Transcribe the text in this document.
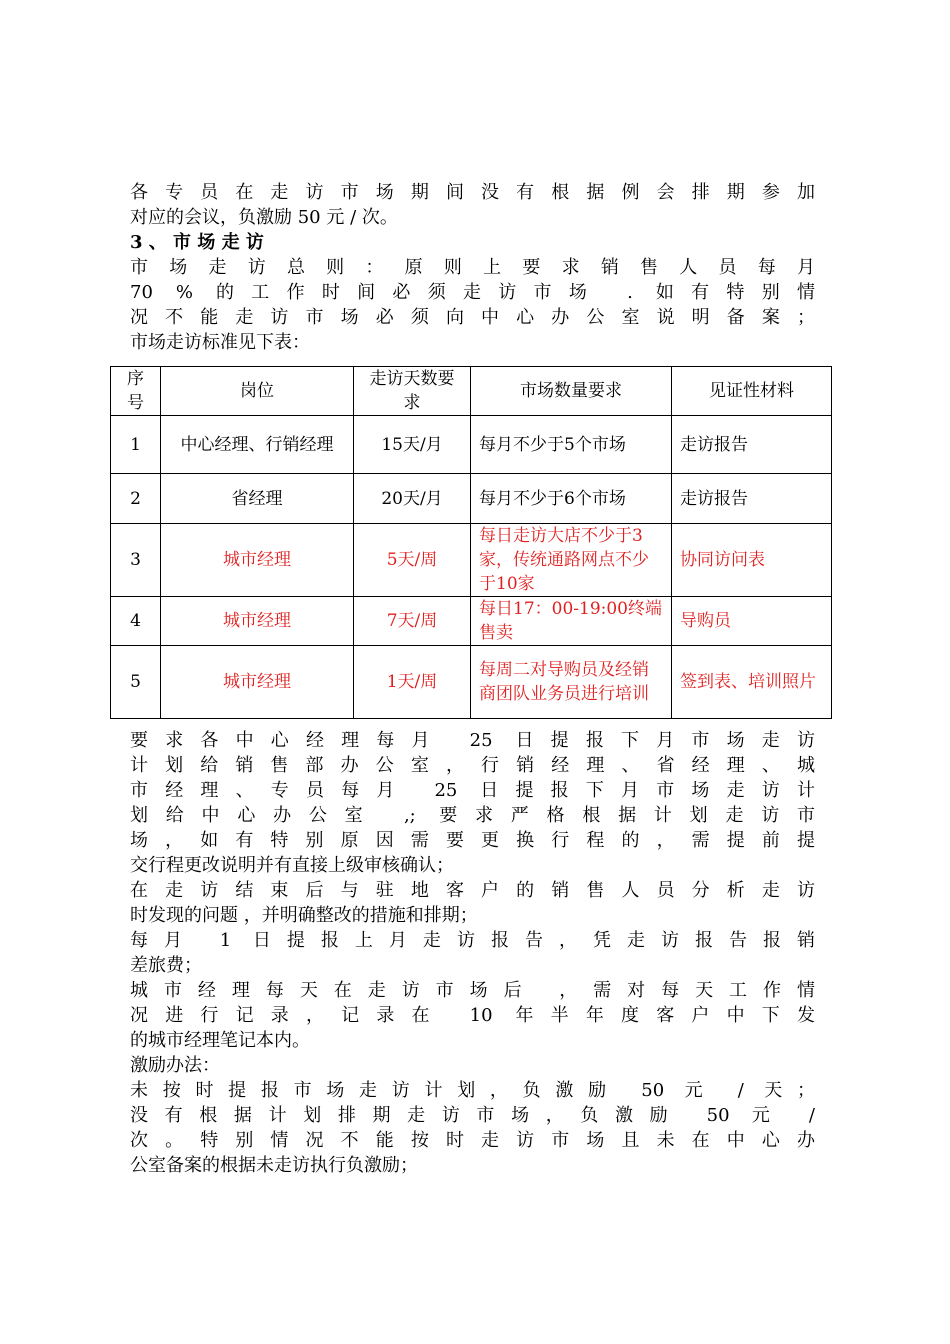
各专员在走访市场期间没有根据例会排期参加
对应的会议，负激励 50 元 / 次。
3 、 市 场 走 访
市场走访总则：原则上要求销售人员每月
70 % 的工作时间必须走访市场 . 如有特别情
况不能走访市场必须向中心办公室说明备案；
市场走访标准见下表：
序号	岗位	走访天数要求	市场数量要求	见证性材料
1	中心经理、行销经理	15天/月	每月不少于5个市场	走访报告
2	省经理	20天/月	每月不少于6个市场	走访报告
3	城市经理	5天/周	每日走访大店不少于3家，传统通路网点不少于10家	协同访问表
4	城市经理	7天/周	每日17：00-19:00终端售卖	导购员
5	城市经理	1天/周	每周二对导购员及经销商团队业务员进行培训	签到表、培训照片
要求各中心经理每月 25 日提报下月市场走访
计划给销售部办公室，行销经理、省经理、城
市经理、专员每月 25 日提报下月市场走访计
划给中心办公室 ,; 要求严格根据计划走访市
场，如有特别原因需要更换行程的，需提前提
交行程更改说明并有直接上级审核确认；
在走访结束后与驻地客户的销售人员分析走访
时发现的问题 ，并明确整改的措施和排期；
每月 1 日提报上月走访报告，凭走访报告报销
差旅费；
城市经理每天在走访市场后 ，需对每天工作情
况进行记录，记录在 10 年半年度客户中下发
的城市经理笔记本内。
激励办法：
未按时提报市场走访计划，负激励 50 元 / 天；
没有根据计划排期走访市场，负激励 50 元 /
次。特别情况不能按时走访市场且未在中心办
公室备案的根据未走访执行负激励；
